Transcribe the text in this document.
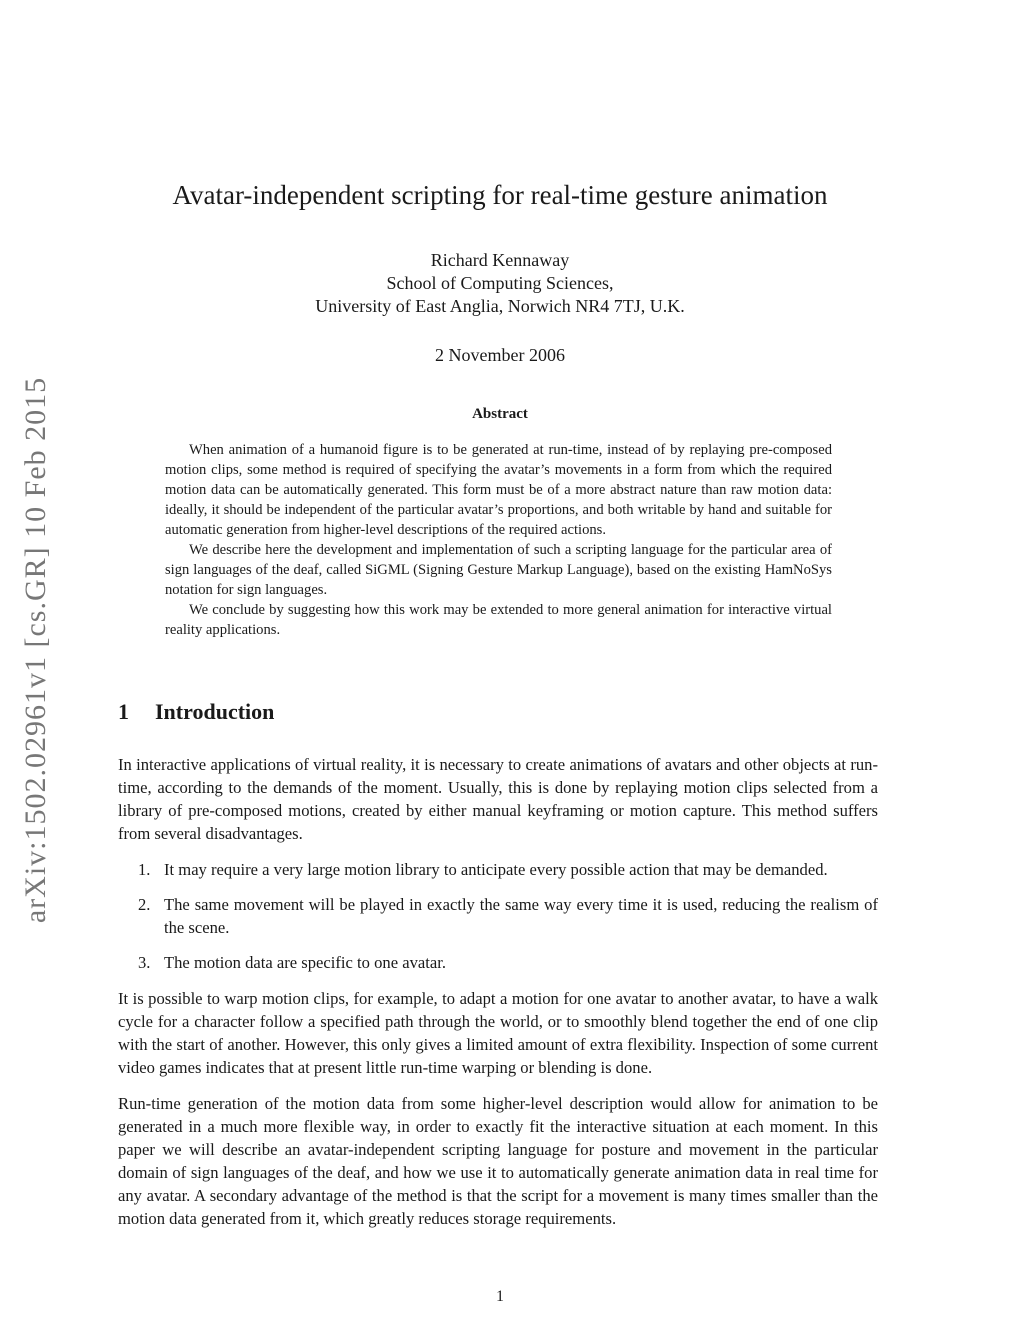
arXiv:1502.02961v1 [cs.GR] 10 Feb 2015
Avatar-independent scripting for real-time gesture animation
Richard Kennaway
School of Computing Sciences,
University of East Anglia, Norwich NR4 7TJ, U.K.
2 November 2006
Abstract

When animation of a humanoid figure is to be generated at run-time, instead of by replaying pre-composed motion clips, some method is required of specifying the avatar’s movements in a form from which the required motion data can be automatically generated. This form must be of a more abstract nature than raw motion data: ideally, it should be independent of the particular avatar’s proportions, and both writable by hand and suitable for automatic generation from higher-level descriptions of the required actions.

We describe here the development and implementation of such a scripting language for the particular area of sign languages of the deaf, called SiGML (Signing Gesture Markup Language), based on the existing HamNoSys notation for sign languages.

We conclude by suggesting how this work may be extended to more general animation for interactive virtual reality applications.

1 Introduction

In interactive applications of virtual reality, it is necessary to create animations of avatars and other objects at run-time, according to the demands of the moment. Usually, this is done by replaying motion clips selected from a library of pre-composed motions, created by either manual keyframing or motion capture. This method suffers from several disadvantages.

1. It may require a very large motion library to anticipate every possible action that may be demanded.
2. The same movement will be played in exactly the same way every time it is used, reducing the realism of the scene.
3. The motion data are specific to one avatar.

It is possible to warp motion clips, for example, to adapt a motion for one avatar to another avatar, to have a walk cycle for a character follow a specified path through the world, or to smoothly blend together the end of one clip with the start of another. However, this only gives a limited amount of extra flexibility. Inspection of some current video games indicates that at present little run-time warping or blending is done.

Run-time generation of the motion data from some higher-level description would allow for animation to be generated in a much more flexible way, in order to exactly fit the interactive situation at each moment. In this paper we will describe an avatar-independent scripting language for posture and movement in the particular domain of sign languages of the deaf, and how we use it to automatically generate animation data in real time for any avatar. A secondary advantage of the method is that the script for a movement is many times smaller than the motion data generated from it, which greatly reduces storage requirements.

1
